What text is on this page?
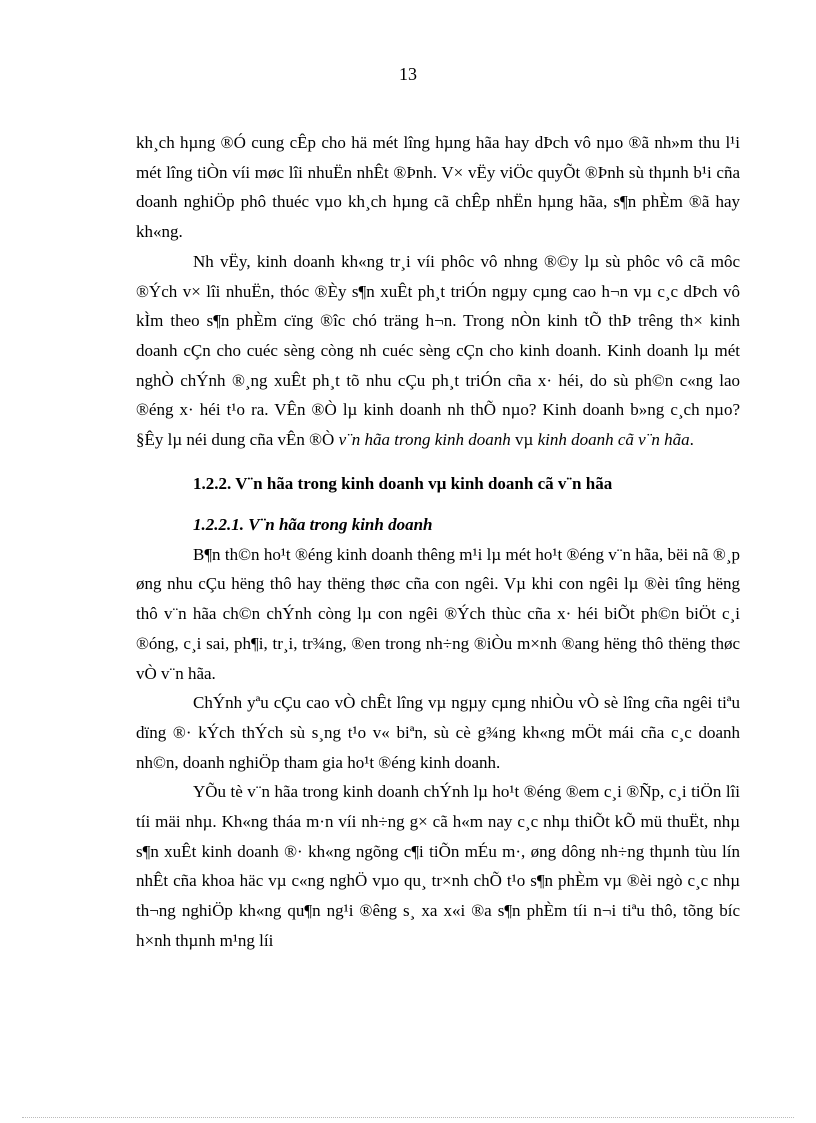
13

kh¸ch hµng ®Ó cung cÊp cho hä mét lîng hµng hãa hay dÞch vô nµo ®ã nh»m thu l¹i mét lîng tiÒn víi møc lîi nhuËn nhÊt ®Þnh. V× vËy viÖc quyÕt ®Þnh sù thµnh b¹i cña doanh nghiÖp phô thuéc vµo kh¸ch hµng cã chÊp nhËn hµng hãa, s¶n phÈm ®ã hay kh«ng.

Nh vËy, kinh doanh kh«ng tr¸i víi phôc vô nhng ®©y lµ sù phôc vô cã môc ®Ých v× lîi nhuËn, thóc ®Èy s¶n xuÊt ph¸t triÓn ngµy cµng cao h¬n vµ c¸c dÞch vô kÌm theo s¶n phÈm cïng ®îc chó träng h¬n. Trong nÒn kinh tÕ thÞ trêng th× kinh doanh cÇn cho cuéc sèng còng nh cuéc sèng cÇn cho kinh doanh. Kinh doanh lµ mét nghÒ chÝnh ®¸ng xuÊt ph¸t tõ nhu cÇu ph¸t triÓn cña x· héi, do sù ph©n c«ng lao ®éng x· héi t¹o ra. VÊn ®Ò lµ kinh doanh nh thÕ nµo? Kinh doanh b»ng c¸ch nµo? §Êy lµ néi dung cña vÊn ®Ò v¨n hãa trong kinh doanh vµ kinh doanh cã v¨n hãa.

1.2.2. V¨n hãa trong kinh doanh vµ kinh doanh cã v¨n hãa
1.2.2.1. V¨n hãa trong kinh doanh

B¶n th©n ho¹t ®éng kinh doanh thêng m¹i lµ mét ho¹t ®éng v¨n hãa, bëi nã ®¸p øng nhu cÇu hëng thô hay thëng thøc cña con ngêi. Vµ khi con ngêi lµ ®èi tîng hëng thô v¨n hãa ch©n chÝnh còng lµ con ngêi ®Ých thùc cña x· héi biÕt ph©n biÖt c¸i ®óng, c¸i sai, ph¶i, tr¸i, tr¾ng, ®en trong nh÷ng ®iÒu m×nh ®ang hëng thô thëng thøc vÒ v¨n hãa.

ChÝnh yªu cÇu cao vÒ chÊt lîng vµ ngµy cµng nhiÒu vÒ sè lîng cña ngêi tiªu dïng ®· kÝch thÝch sù s¸ng t¹o v« biªn, sù cè g¾ng kh«ng mÖt mái cña c¸c doanh nh©n, doanh nghiÖp tham gia ho¹t ®éng kinh doanh.

YÕu tè v¨n hãa trong kinh doanh chÝnh lµ ho¹t ®éng ®em c¸i ®Ñp, c¸i tiÖn lîi tíi mäi nhµ. Kh«ng tháa m·n víi nh÷ng g× cã h«m nay c¸c nhµ thiÕt kÕ mü thuËt, nhµ s¶n xuÊt kinh doanh ®· kh«ng ngõng c¶i tiÕn mÉu m·, øng dông nh÷ng thµnh tùu lín nhÊt cña khoa häc vµ c«ng nghÖ vµo qu¸ tr×nh chÕ t¹o s¶n phÈm vµ ®èi ngò c¸c nhµ th¬ng nghiÖp kh«ng qu¶n ng¹i ®êng s¸ xa x«i ®a s¶n phÈm tíi n¬i tiªu thô, tõng bíc h×nh thµnh m¹ng líi
